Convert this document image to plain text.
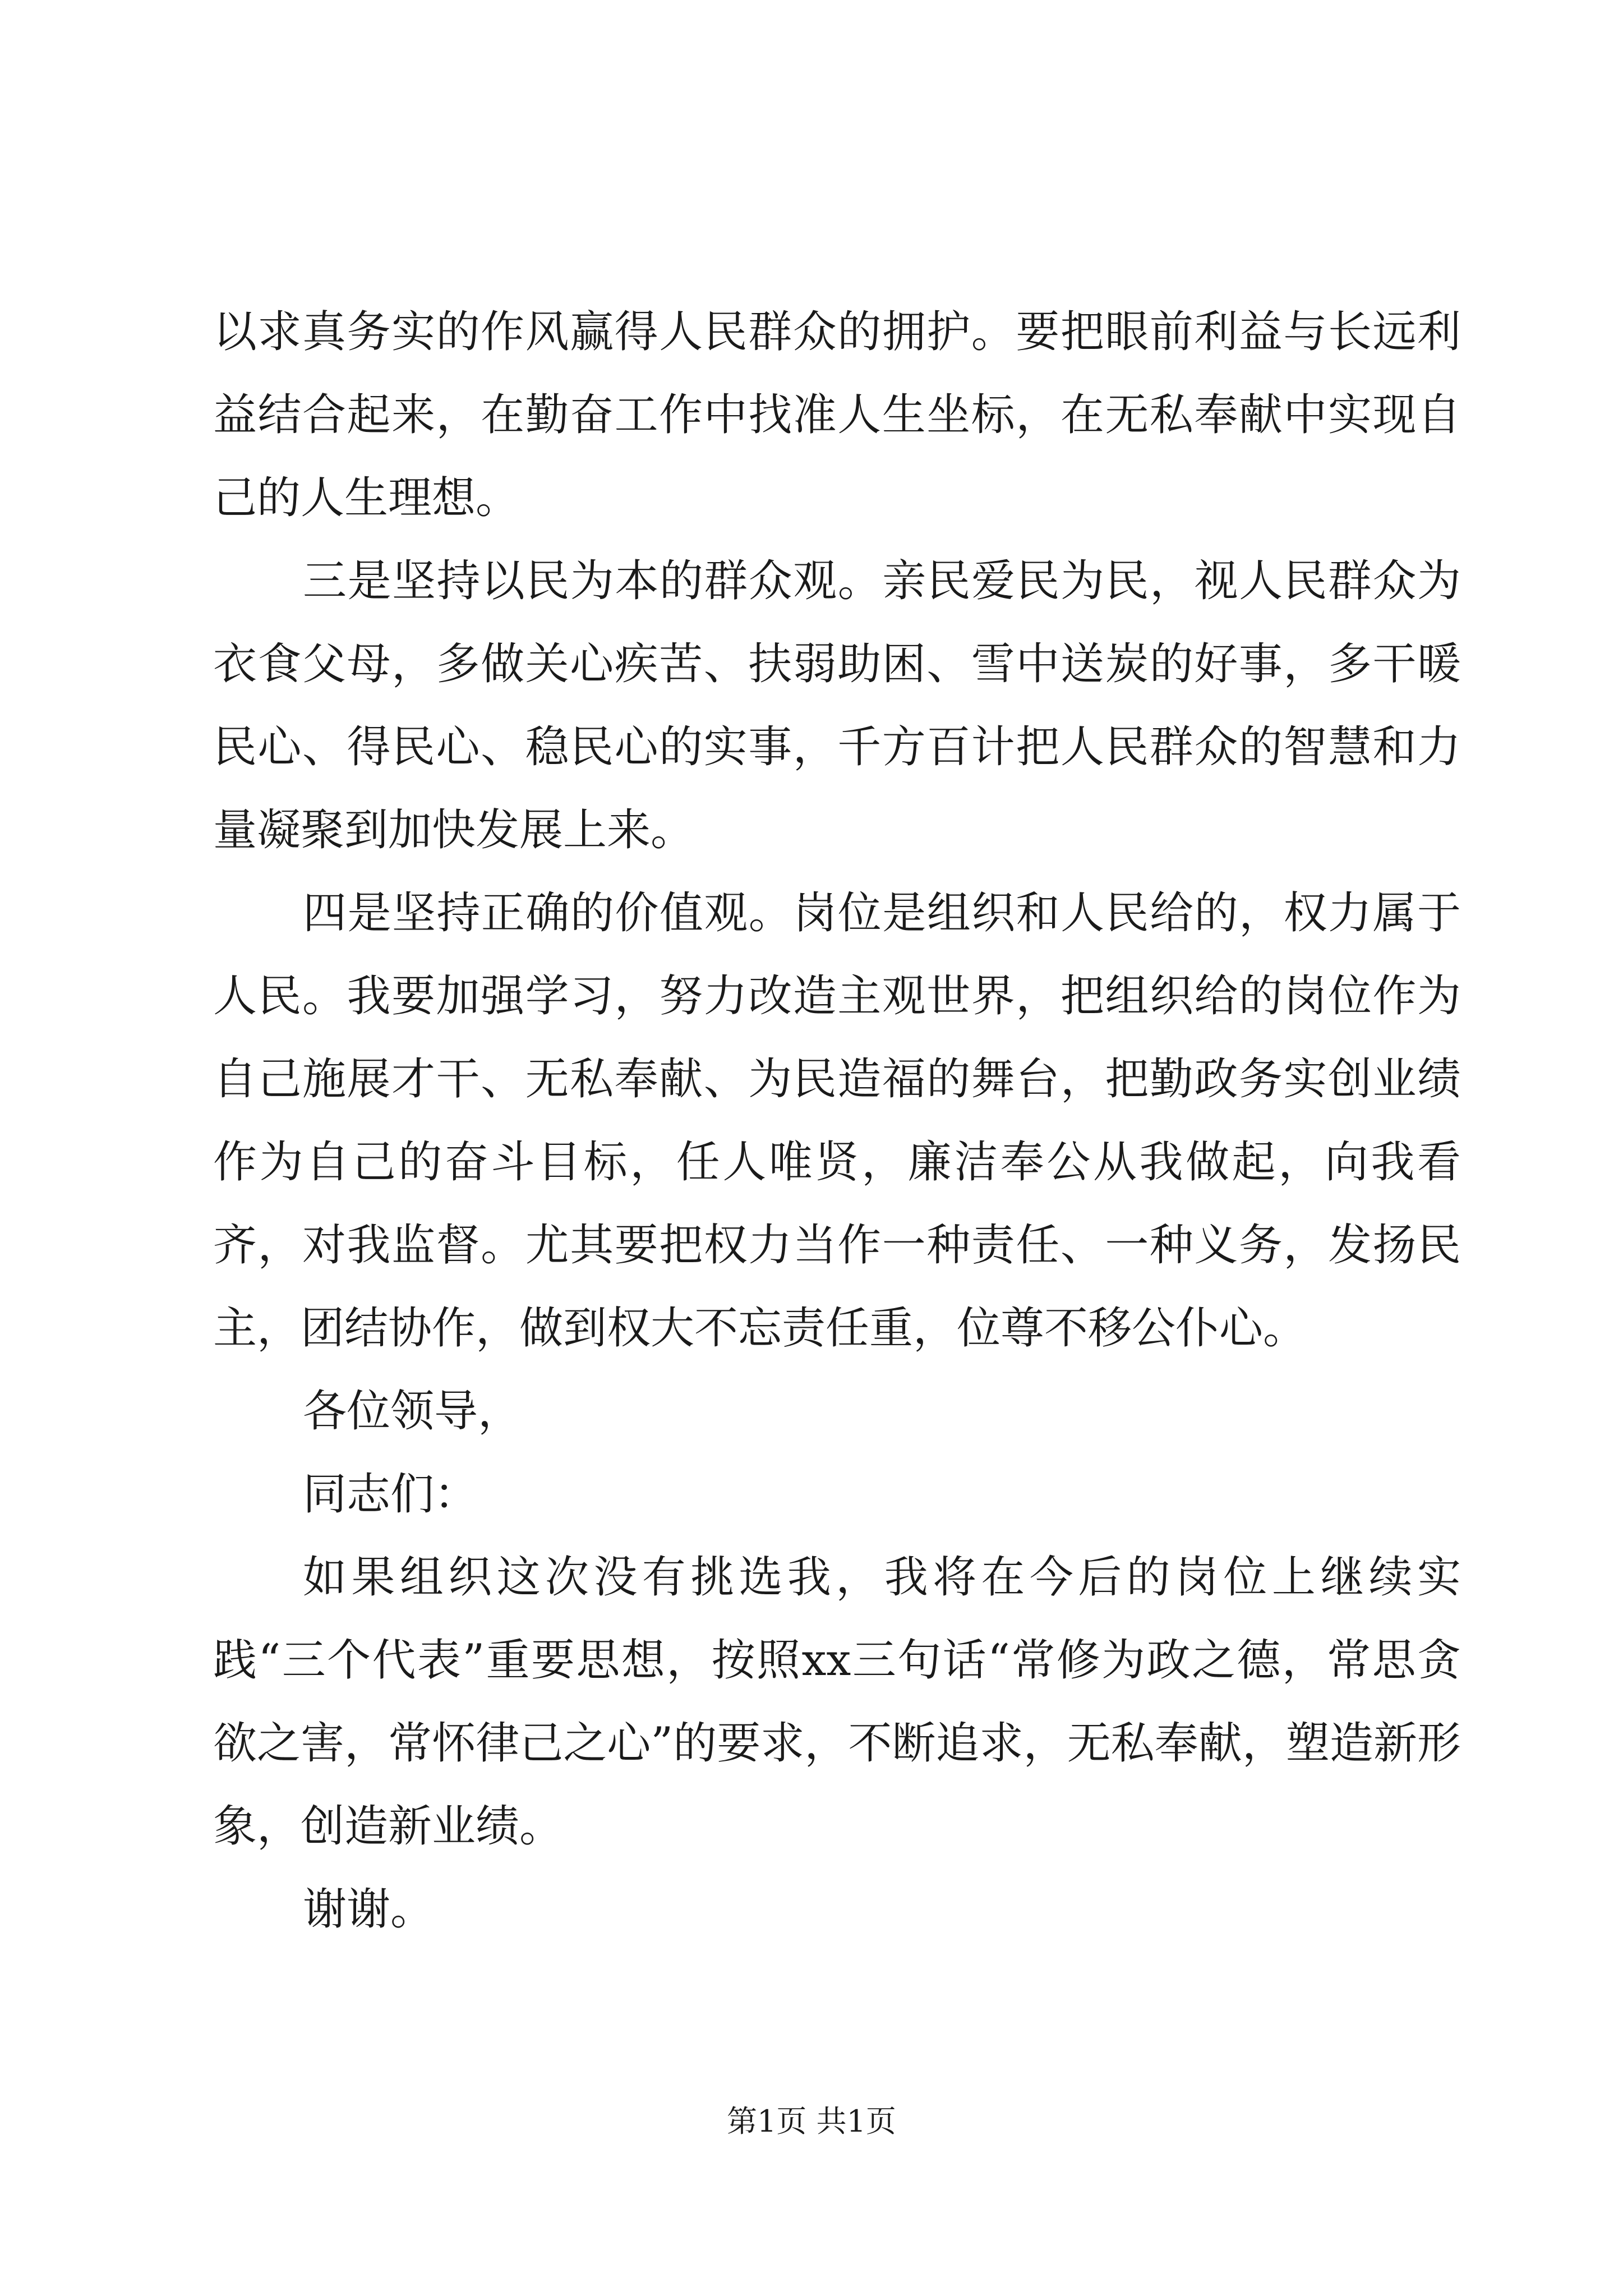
以求真务实的作风赢得人民群众的拥护。要把眼前利益与长远利益结合起来，在勤奋工作中找准人生坐标，在无私奉献中实现自己的人生理想。

三是坚持以民为本的群众观。亲民爱民为民，视人民群众为衣食父母，多做关心疾苦、扶弱助困、雪中送炭的好事，多干暖民心、得民心、稳民心的实事，千方百计把人民群众的智慧和力量凝聚到加快发展上来。

四是坚持正确的价值观。岗位是组织和人民给的，权力属于人民。我要加强学习，努力改造主观世界，把组织给的岗位作为自己施展才干、无私奉献、为民造福的舞台，把勤政务实创业绩作为自己的奋斗目标，任人唯贤，廉洁奉公从我做起，向我看齐，对我监督。尤其要把权力当作一种责任、一种义务，发扬民主，团结协作，做到权大不忘责任重，位尊不移公仆心。

各位领导，

同志们：

如果组织这次没有挑选我，我将在今后的岗位上继续实践“三个代表”重要思想，按照xx三句话“常修为政之德，常思贪欲之害，常怀律己之心”的要求，不断追求，无私奉献，塑造新形象，创造新业绩。

谢谢。

第1页 共1页
